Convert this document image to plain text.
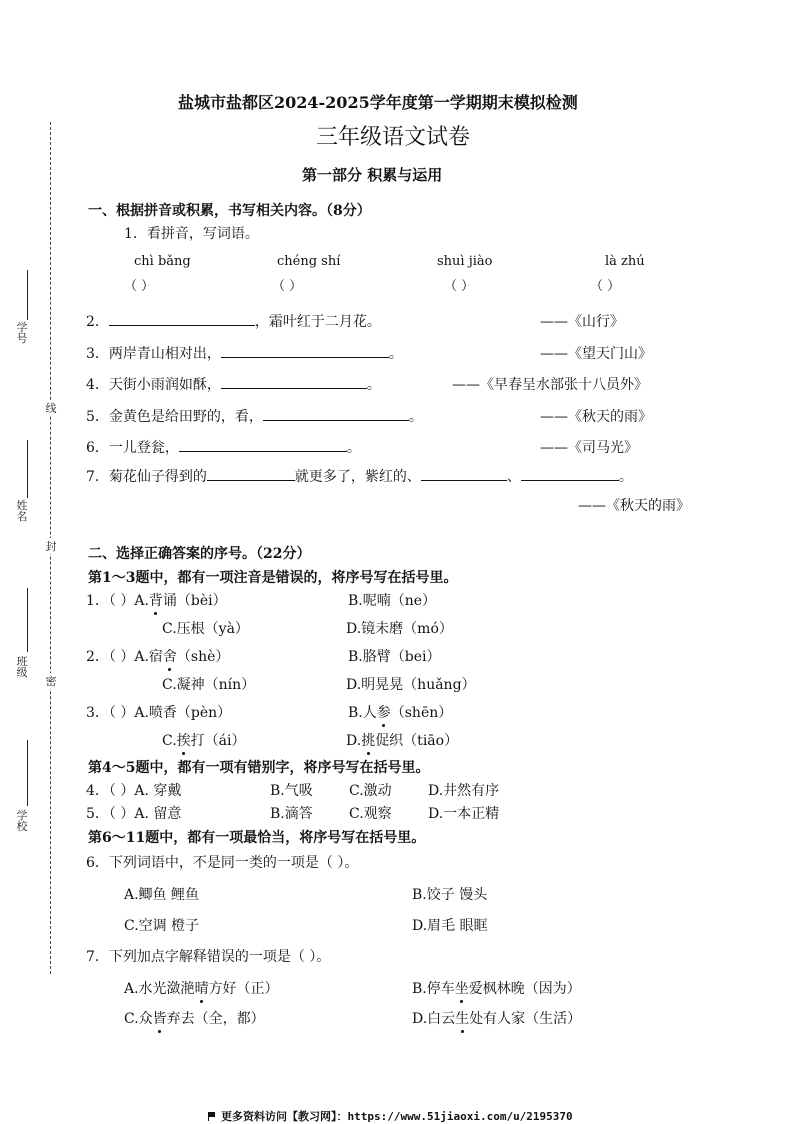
线
封
密
学
号
姓
名
班
级
学
校
盐城市盐都区2024-2025学年度第一学期期末模拟检测
三年级语文试卷
第一部分 积累与运用
一、根据拼音或积累，书写相关内容。（8分）
1．看拼音，写词语。
chì bǎng	chéng shí	shuì jiào	là zhú
（ ）	（ ）	（ ）	（ ）
2．	，霜叶红于二月花。	——《山行》
3．两岸青山相对出，	。	——《望天门山》
4．天街小雨润如酥，	。	——《早春呈水部张十八员外》
5．金黄色是给田野的，看，	。	——《秋天的雨》
6．一儿登瓮，	。	——《司马光》
7．菊花仙子得到的	就更多了，紫红的、	、	。
——《秋天的雨》
二、选择正确答案的序号。（22分）
第1～3题中，都有一项注音是错误的，将序号写在括号里。
1．（ ）A.背诵（bèi）	B.呢喃（ne）
C.压根（yà）	D.镜未磨（mó）
2．（ ）A.宿舍（shè）	B.胳臂（bei）
C.凝神（nín）	D.明晃晃（huǎng）
3．（ ）A.喷香（pèn）	B.人参（shēn）
C.挨打（ái）	D.挑促织（tiāo）
第4～5题中，都有一项有错别字，将序号写在括号里。
4．（ ）A. 穿戴	B.气吸	C.激动	D.井然有序
5．（ ）A. 留意	B.滴答	C.观察	D.一本正精
第6～11题中，都有一项最恰当，将序号写在括号里。
6．下列词语中，不是同一类的一项是（ ）。
A.鲫鱼 鲤鱼	B.饺子 馒头
C.空调 橙子	D.眉毛 眼眶
7．下列加点字解释错误的一项是（ ）。
A.水光潋滟晴方好（正）	B.停车坐爱枫林晚（因为）
C.众皆弃去（全，都）	D.白云生处有人家（生活）
更多资料访问【教习网】：https://www.51jiaoxi.com/u/2195370
